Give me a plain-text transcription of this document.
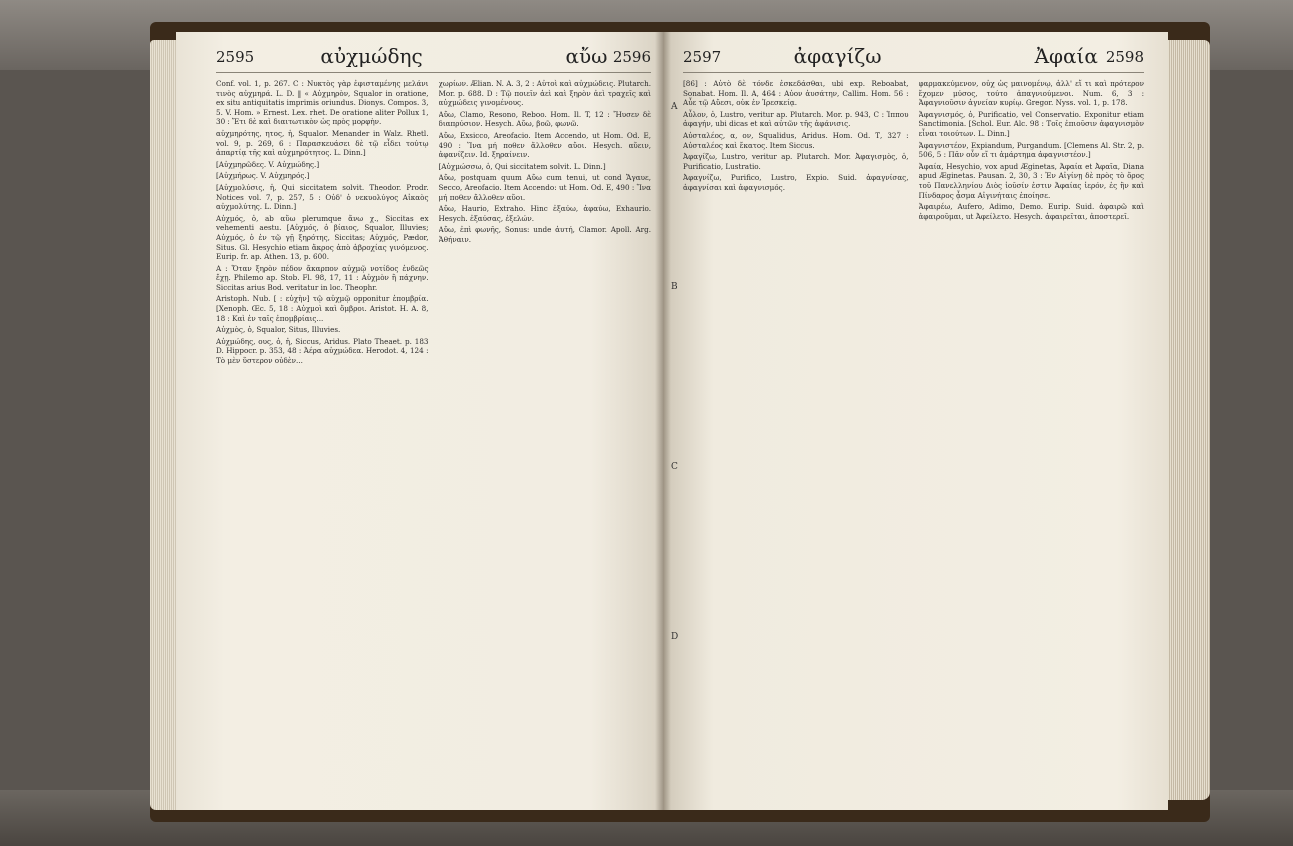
2595	αὐχμώδης	αὔω 2596

Conf. vol. 1, p. 267. C : Νυκτὸς γὰρ ἐφισταμένης μελάνι τινὸς αὐχμηρά. L. D. ‖ « Αὐχμηρὸν, Squalor in oratione, ex situ antiquitatis imprimis oriundus. Dionys. Compos. 3, 5. V. Hom. » Ernest. Lex. rhet. De oratione aliter Pollux 1, 30 : Ἔτι δὲ καὶ διαιτωτικὸν ὡς πρὸς μορφὴν.

αὐχμηρότης, ητος, ἡ, Squalor. Menander in Walz. Rhetl. vol. 9, p. 269, 6 : Παρασκευάσει δὲ τῷ εἶδει τούτῳ ἁπαρτίᾳ τῆς καὶ αὐχμηρότητος. L. Dinn.]

[Αὐχμηρῶδες. V. Αὐχμώδης.]

[Αὐχμήρως. V. Αὐχμηρός.]

[Αὐχμολύσις, ἡ, Qui siccitatem solvit. Theodor. Prodr. Notices vol. 7, p. 257, 5 : Οὐδ' ὁ νεκυολύγος Αἰκαὸς αὐχμολύτης. L. Dinn.]

Αὐχμός, ὁ, ab αὔω plerumque ἄνω χ., Siccitas ex vehementi aestu. [Αὐχμός, ὁ βίαιος, Squalor, Illuvies; Αὐχμός, ὁ ἐν τῷ γῇ ξηρότης, Siccitas; Αὐχμός, Pædor, Situs. Gl. Hesychio etiam ἄκρος ἀπὸ ἀβροχίας γινόμενος. Eurip. fr. ap. Athen. 13, p. 600.

A : Ὅταν ξηρὸν πέδον ἄκαρπον αὐχμῷ νοτίδος ἐνδεῶς ἔχῃ. Philemo ap. Stob. Fl. 98, 17, 11 : Αὐχμὸν ἢ πάχνην. Siccitas arius Bod. veritatur in loc. Theophr.

Aristoph. Nub. [ : εὐχὴν] τῷ αὐχμῷ opponitur ἐπομβρία. [Xenoph. Œc. 5, 18 : Αὐχμοὶ καὶ ὄμβροι. Aristot. H. A. 8, 18 : Καὶ ἐν ταῖς ἐπομβρίαις...

Αὐχμὸς, ὁ, Squalor, Situs, Illuvies.

Αὐχμώδης, ους, ὁ, ἡ, Siccus, Aridus. Plato Theaet. p. 183 D. Hippocr. p. 353, 48 : Ἀέρα αὐχμώδεα. Herodot. 4, 124 : Τὸ μὲν ὕστερον οὐδὲν...

χωρίων. Ælian. N. A. 3, 2 : Αὐτοὶ καὶ αὐχμώδεις. Plutarch. Mor. p. 688. D : Τῷ ποιεῖν ἀεὶ καὶ ξηρὸν ἀεὶ τραχεῖς καὶ αὐχμώδεις γινομένους.

Αὔω, Clamo, Resono, Reboo. Hom. Il. T, 12 : Ἤυσεν δὲ διαπρύσιον. Hesych. Αὔω, βοῶ, φωνῶ.

Αὔω, Exsicco, Areofacio. Item Accendo, ut Hom. Od. E, 490 : Ἵνα μή ποθεν ἄλλοθεν αὔοι. Hesych. αὔειν, ἀφανίζειν. Id. ξηραίνειν.

[Αὐχμώσσω, ὁ, Qui siccitatem solvit. L. Dinn.]

Αὔω, postquam quum Αὔω cum tenui, ut cond Ἄγαυε, Secco, Areofacio. Item Accendo: ut Hom. Od. E, 490 : Ἵνα μή ποθεν ἄλλοθεν αὔοι.

Αὔω, Haurio, Extraho. Hinc ἐξαύω, ἀφαύω, Exhaurio. Hesych. ἐξαύσας, ἐξελών.

Αὔω, ἐπὶ φωνῆς, Sonus: unde ἀυτή, Clamor. Apoll. Arg. Ἀθήναιν.

2597	ἀφαγίζω	Ἀφαία 2598

[86] : Αὐτὸ δὲ τόνδε ἐσκεδάσθαι, ubi exp. Reboabat, Sonabat. Hom. Il. A, 464 : Αὐον ἀυσάτην, Callim. Hom. 56 : Αὖε τῷ Αὔεσι, οὐκ ἐν Ἰρεσκείᾳ.

Αὖλον, ὁ, Lustro, veritur ap. Plutarch. Mor. p. 943, C : Ἱππου ἀφαγήν, ubi dicas et καὶ αὐτῶν τῆς ἀφάνισις.

Αὐσταλέος, α, ον, Squalidus, Aridus. Hom. Od. Τ, 327 : Αὐσταλέος καὶ ἔκατος. Item Siccus.

Ἀφαγίζω, Lustro, veritur ap. Plutarch. Mor. Ἀφαγισμὸς, ὁ, Purificatio, Lustratio.

Ἀφαγνίζω, Purifico, Lustro, Expio. Suid. ἀφαγνίσας, ἀφαγνίσαι καὶ ἀφαγνισμός.

φαρμακεύμενον, οὐχ ὡς μαινομένῳ, ἀλλ' εἴ τι καὶ πρότερον ἔχομεν μύσος, τούτο ἀπαγνιούμενοι. Num. 6, 3 : Ἀφαγνιοῦσιν ἀγνείαν κυρίῳ. Gregor. Nyss. vol. 1, p. 178.

Ἀφαγνισμός, ὁ, Purificatio, vel Conservatio. Exponitur etiam Sanctimonia. [Schol. Eur. Alc. 98 : Τοῖς ἐπιοῦσιν ἀφαγνισμὸν εἶναι τοιούτων. L. Dinn.]

Ἀφαγνιστέον, Expiandum, Purgandum. [Clemens Al. Str. 2, p. 506, 5 : Πᾶν οὖν εἴ τι ἁμάρτημα ἀφαγνιστέον.]

Ἀφαία, Hesychio, vox apud Æginetas, Ἀφαία et Ἀφαῖα, Diana apud Æginetas. Pausan. 2, 30, 3 : Ἐν Αἰγίνῃ δὲ πρὸς τὸ ὄρος τοῦ Πανελληνίου Διὸς ἰοῦσίν ἐστιν Ἀφαίας ἱερόν, ἐς ἣν καὶ Πίνδαρος ᾆσμα Αἰγινήταις ἐποίησε.

Ἀφαιρέω, Aufero, Adimo, Demo. Eurip. Suid. ἀφαιρῶ καὶ ἀφαιροῦμαι, ut Ἀφείλετο. Hesych. ἀφαιρεῖται, ἀποστερεῖ.

A
B
C
D
